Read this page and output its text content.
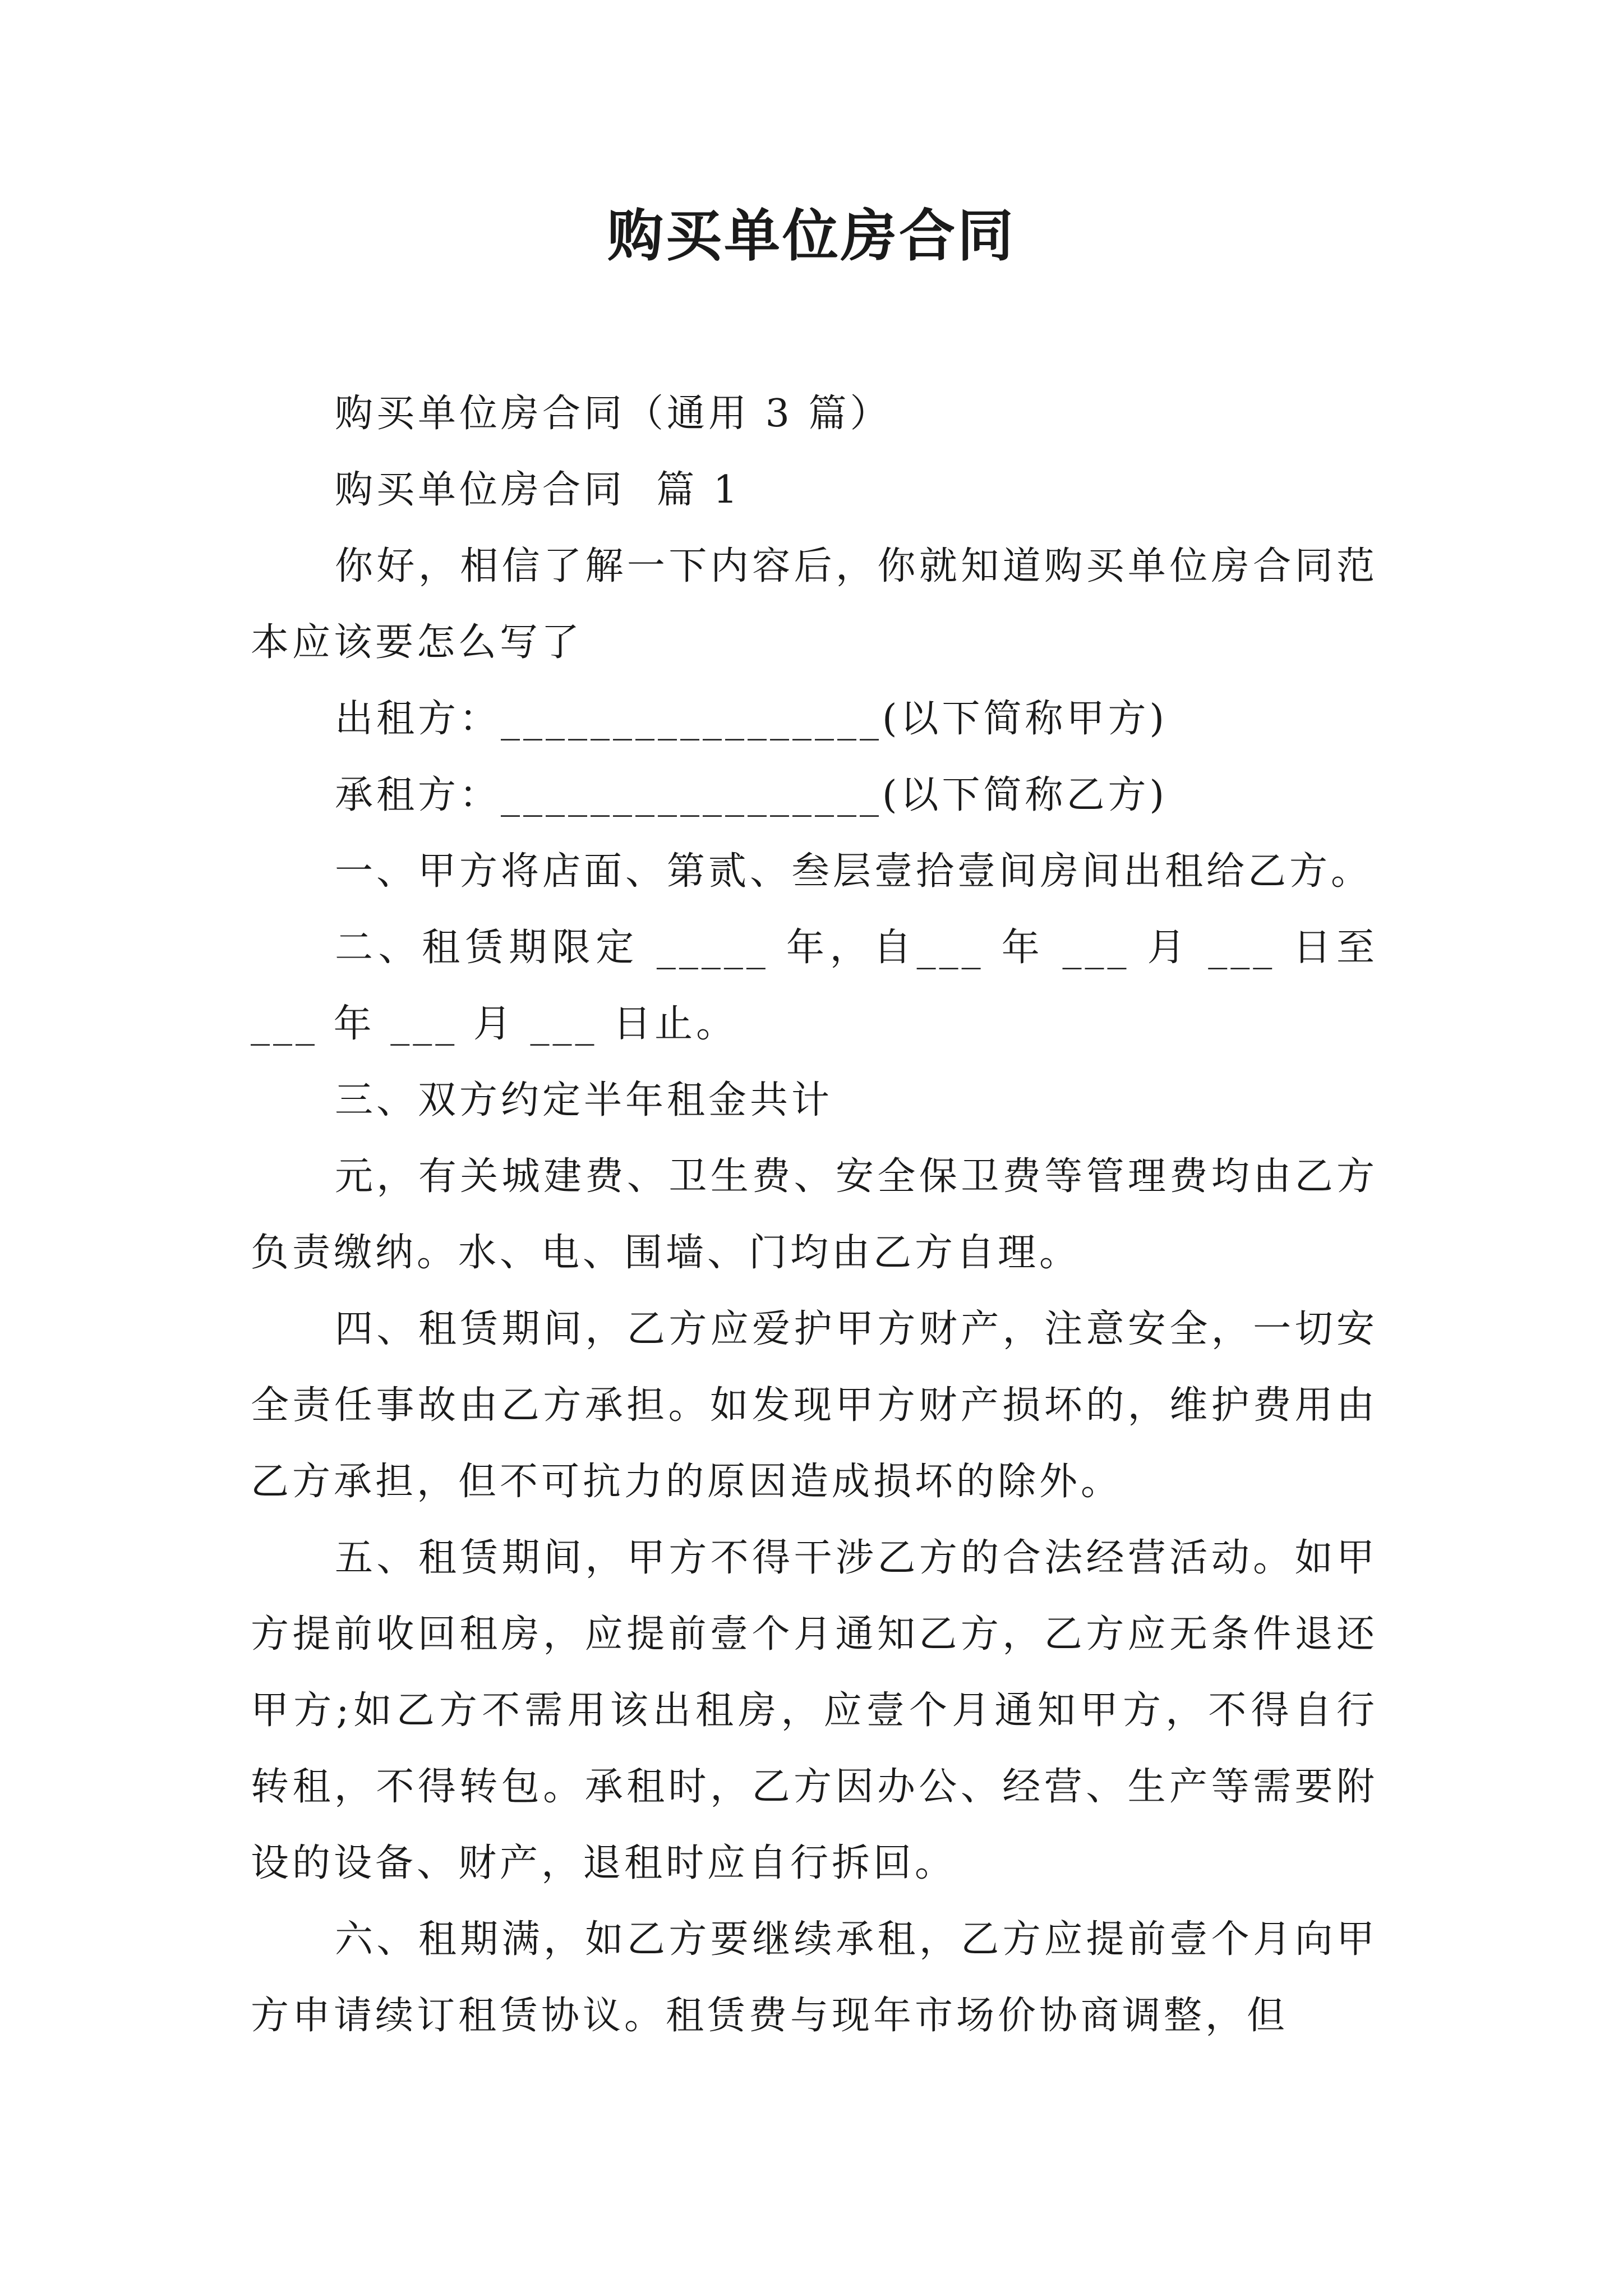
购买单位房合同

购买单位房合同（通用 3 篇）

购买单位房合同  篇 1

你好，相信了解一下内容后，你就知道购买单位房合同范本应该要怎么写了

出租方：_________________(以下简称甲方)

承租方：_________________(以下简称乙方)

一、甲方将店面、第贰、叁层壹拾壹间房间出租给乙方。

二、租赁期限定 _____ 年，自___ 年 ___ 月 ___ 日至___ 年 ___ 月 ___ 日止。

三、双方约定半年租金共计

元，有关城建费、卫生费、安全保卫费等管理费均由乙方负责缴纳。水、电、围墙、门均由乙方自理。

四、租赁期间，乙方应爱护甲方财产，注意安全，一切安全责任事故由乙方承担。如发现甲方财产损坏的，维护费用由乙方承担，但不可抗力的原因造成损坏的除外。

五、租赁期间，甲方不得干涉乙方的合法经营活动。如甲方提前收回租房，应提前壹个月通知乙方，乙方应无条件退还甲方;如乙方不需用该出租房，应壹个月通知甲方，不得自行转租，不得转包。承租时，乙方因办公、经营、生产等需要附设的设备、财产，退租时应自行拆回。

六、租期满，如乙方要继续承租，乙方应提前壹个月向甲方申请续订租赁协议。租赁费与现年市场价协商调整，但
